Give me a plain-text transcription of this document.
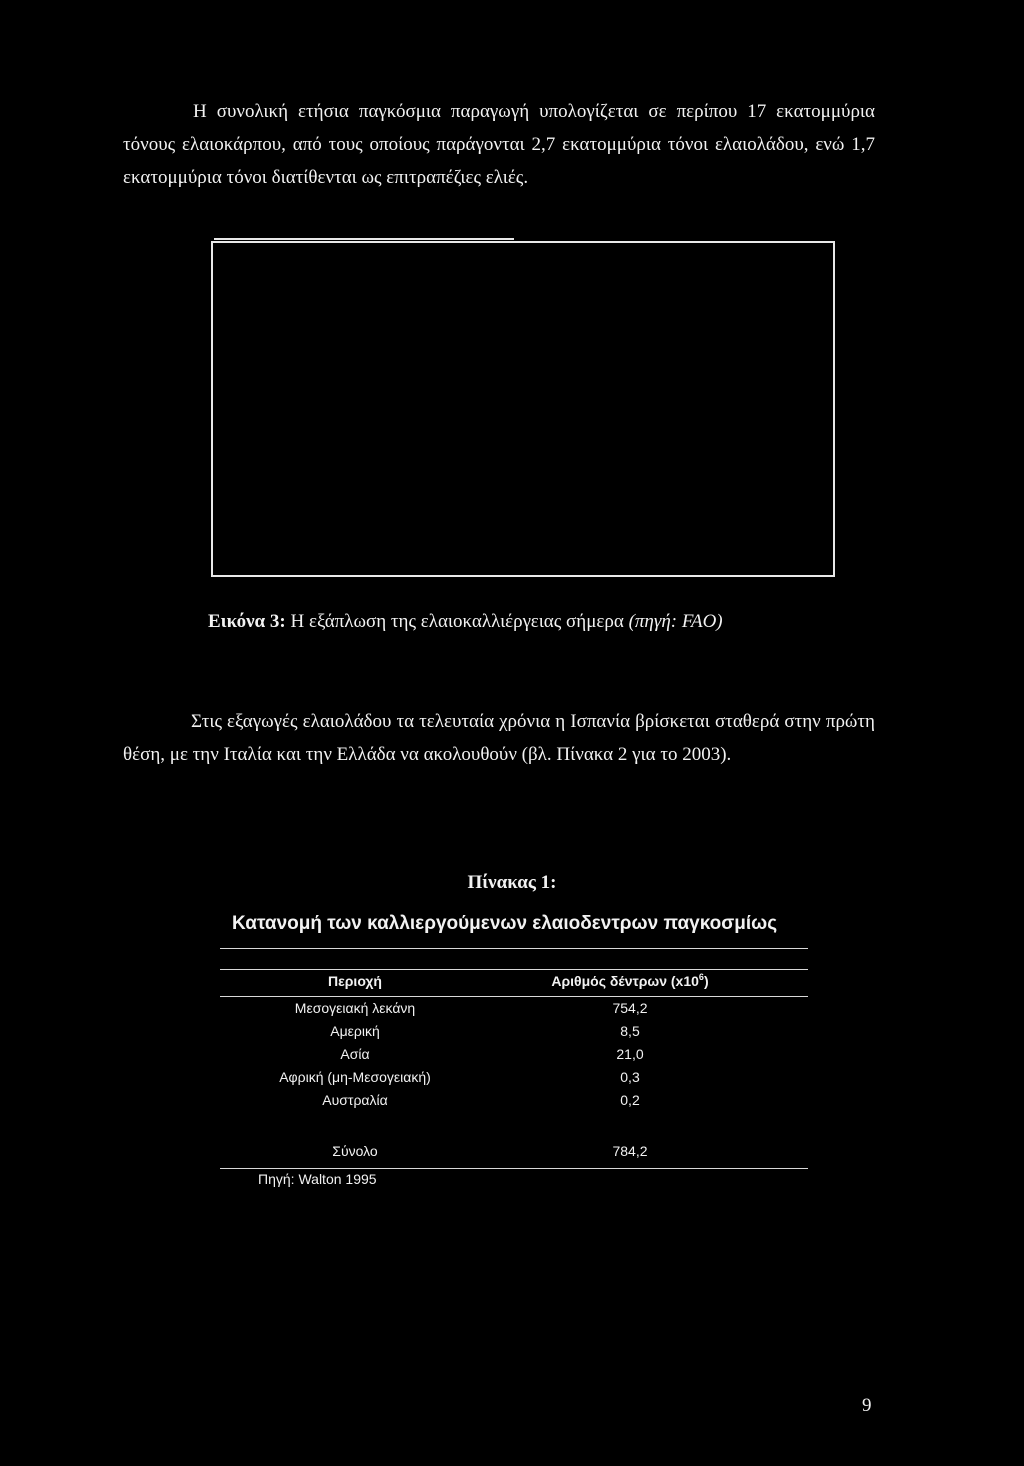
Η συνολική ετήσια παγκόσμια παραγωγή υπολογίζεται σε περίπου 17 εκατομμύρια τόνους ελαιοκάρπου, από τους οποίους παράγονται 2,7 εκατομμύρια τόνοι ελαιολάδου, ενώ 1,7 εκατομμύρια τόνοι διατίθενται ως επιτραπέζιες ελιές.

Εικόνα 3: Η εξάπλωση της ελαιοκαλλιέργειας σήμερα (πηγή: FAO)

Στις εξαγωγές ελαιολάδου τα τελευταία χρόνια η Ισπανία βρίσκεται σταθερά στην πρώτη θέση, με την Ιταλία και την Ελλάδα να ακολουθούν (βλ. Πίνακα 2 για το 2003).

Πίνακας 1:
Κατανομή των καλλιεργούμενων ελαιοδεντρων παγκοσμίως
Περιοχή	Αριθμός δέντρων $(x10^6)$
Μεσογειακή λεκάνη	754,2
Αμερική	8,5
Ασία	21,0
Αφρική (μη-Μεσογειακή)	0,3
Αυστραλία	0,2
Σύνολο	784,2
Πηγή: Walton 1995
9
